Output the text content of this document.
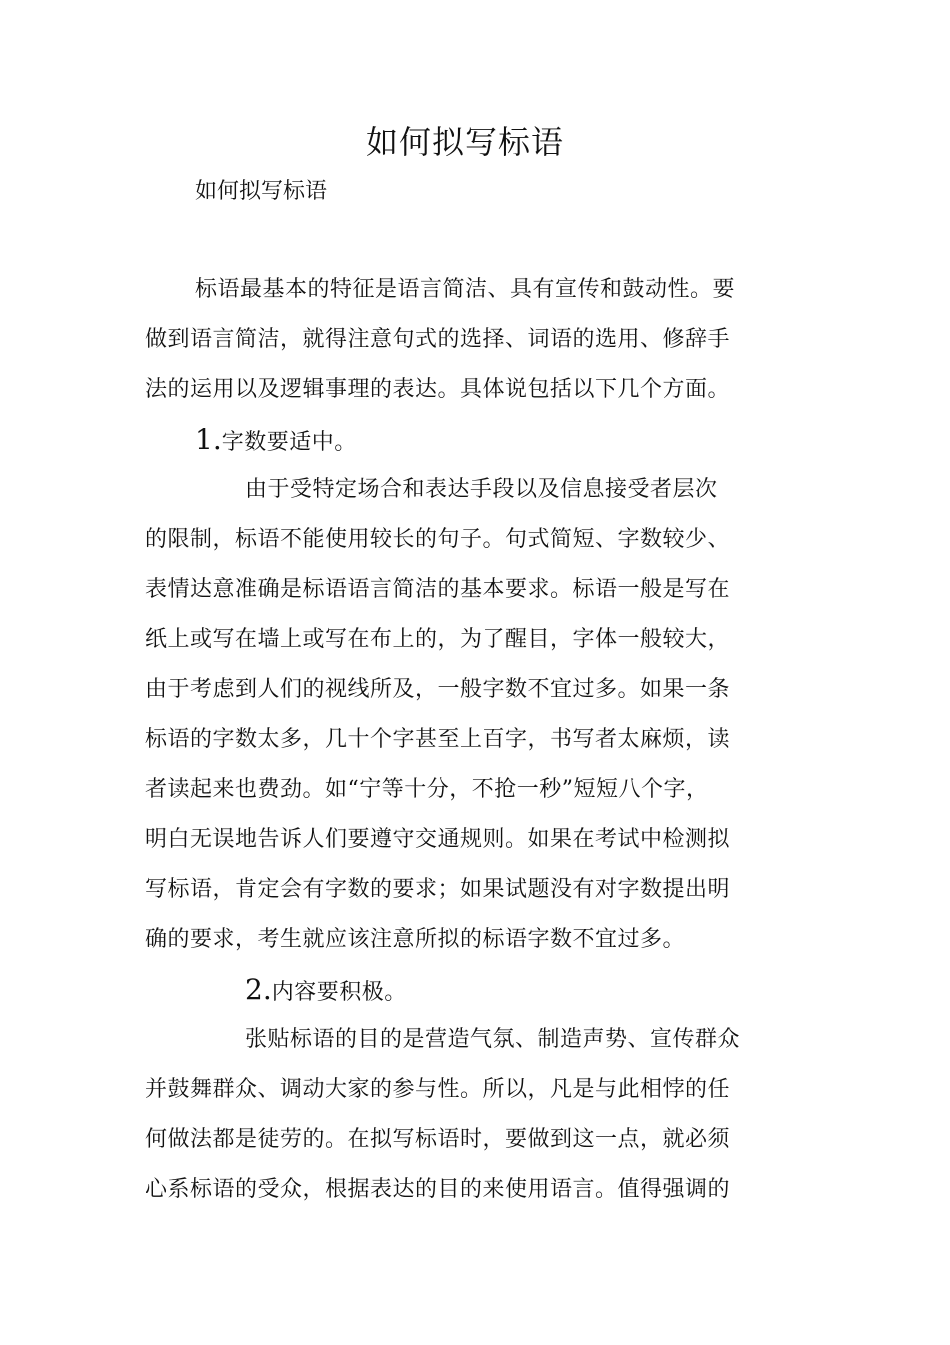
如何拟写标语
如何拟写标语
标语最基本的特征是语言简洁、具有宣传和鼓动性。要
做到语言简洁，就得注意句式的选择、词语的选用、修辞手
法的运用以及逻辑事理的表达。具体说包括以下几个方面。
1.字数要适中。
由于受特定场合和表达手段以及信息接受者层次
的限制，标语不能使用较长的句子。句式简短、字数较少、
表情达意准确是标语语言简洁的基本要求。标语一般是写在
纸上或写在墙上或写在布上的，为了醒目，字体一般较大，
由于考虑到人们的视线所及，一般字数不宜过多。如果一条
标语的字数太多，几十个字甚至上百字，书写者太麻烦，读
者读起来也费劲。如“宁等十分，不抢一秒”短短八个字，
明白无误地告诉人们要遵守交通规则。如果在考试中检测拟
写标语，肯定会有字数的要求；如果试题没有对字数提出明
确的要求，考生就应该注意所拟的标语字数不宜过多。
2.内容要积极。
张贴标语的目的是营造气氛、制造声势、宣传群众
并鼓舞群众、调动大家的参与性。所以，凡是与此相悖的任
何做法都是徒劳的。在拟写标语时，要做到这一点，就必须
心系标语的受众，根据表达的目的来使用语言。值得强调的
